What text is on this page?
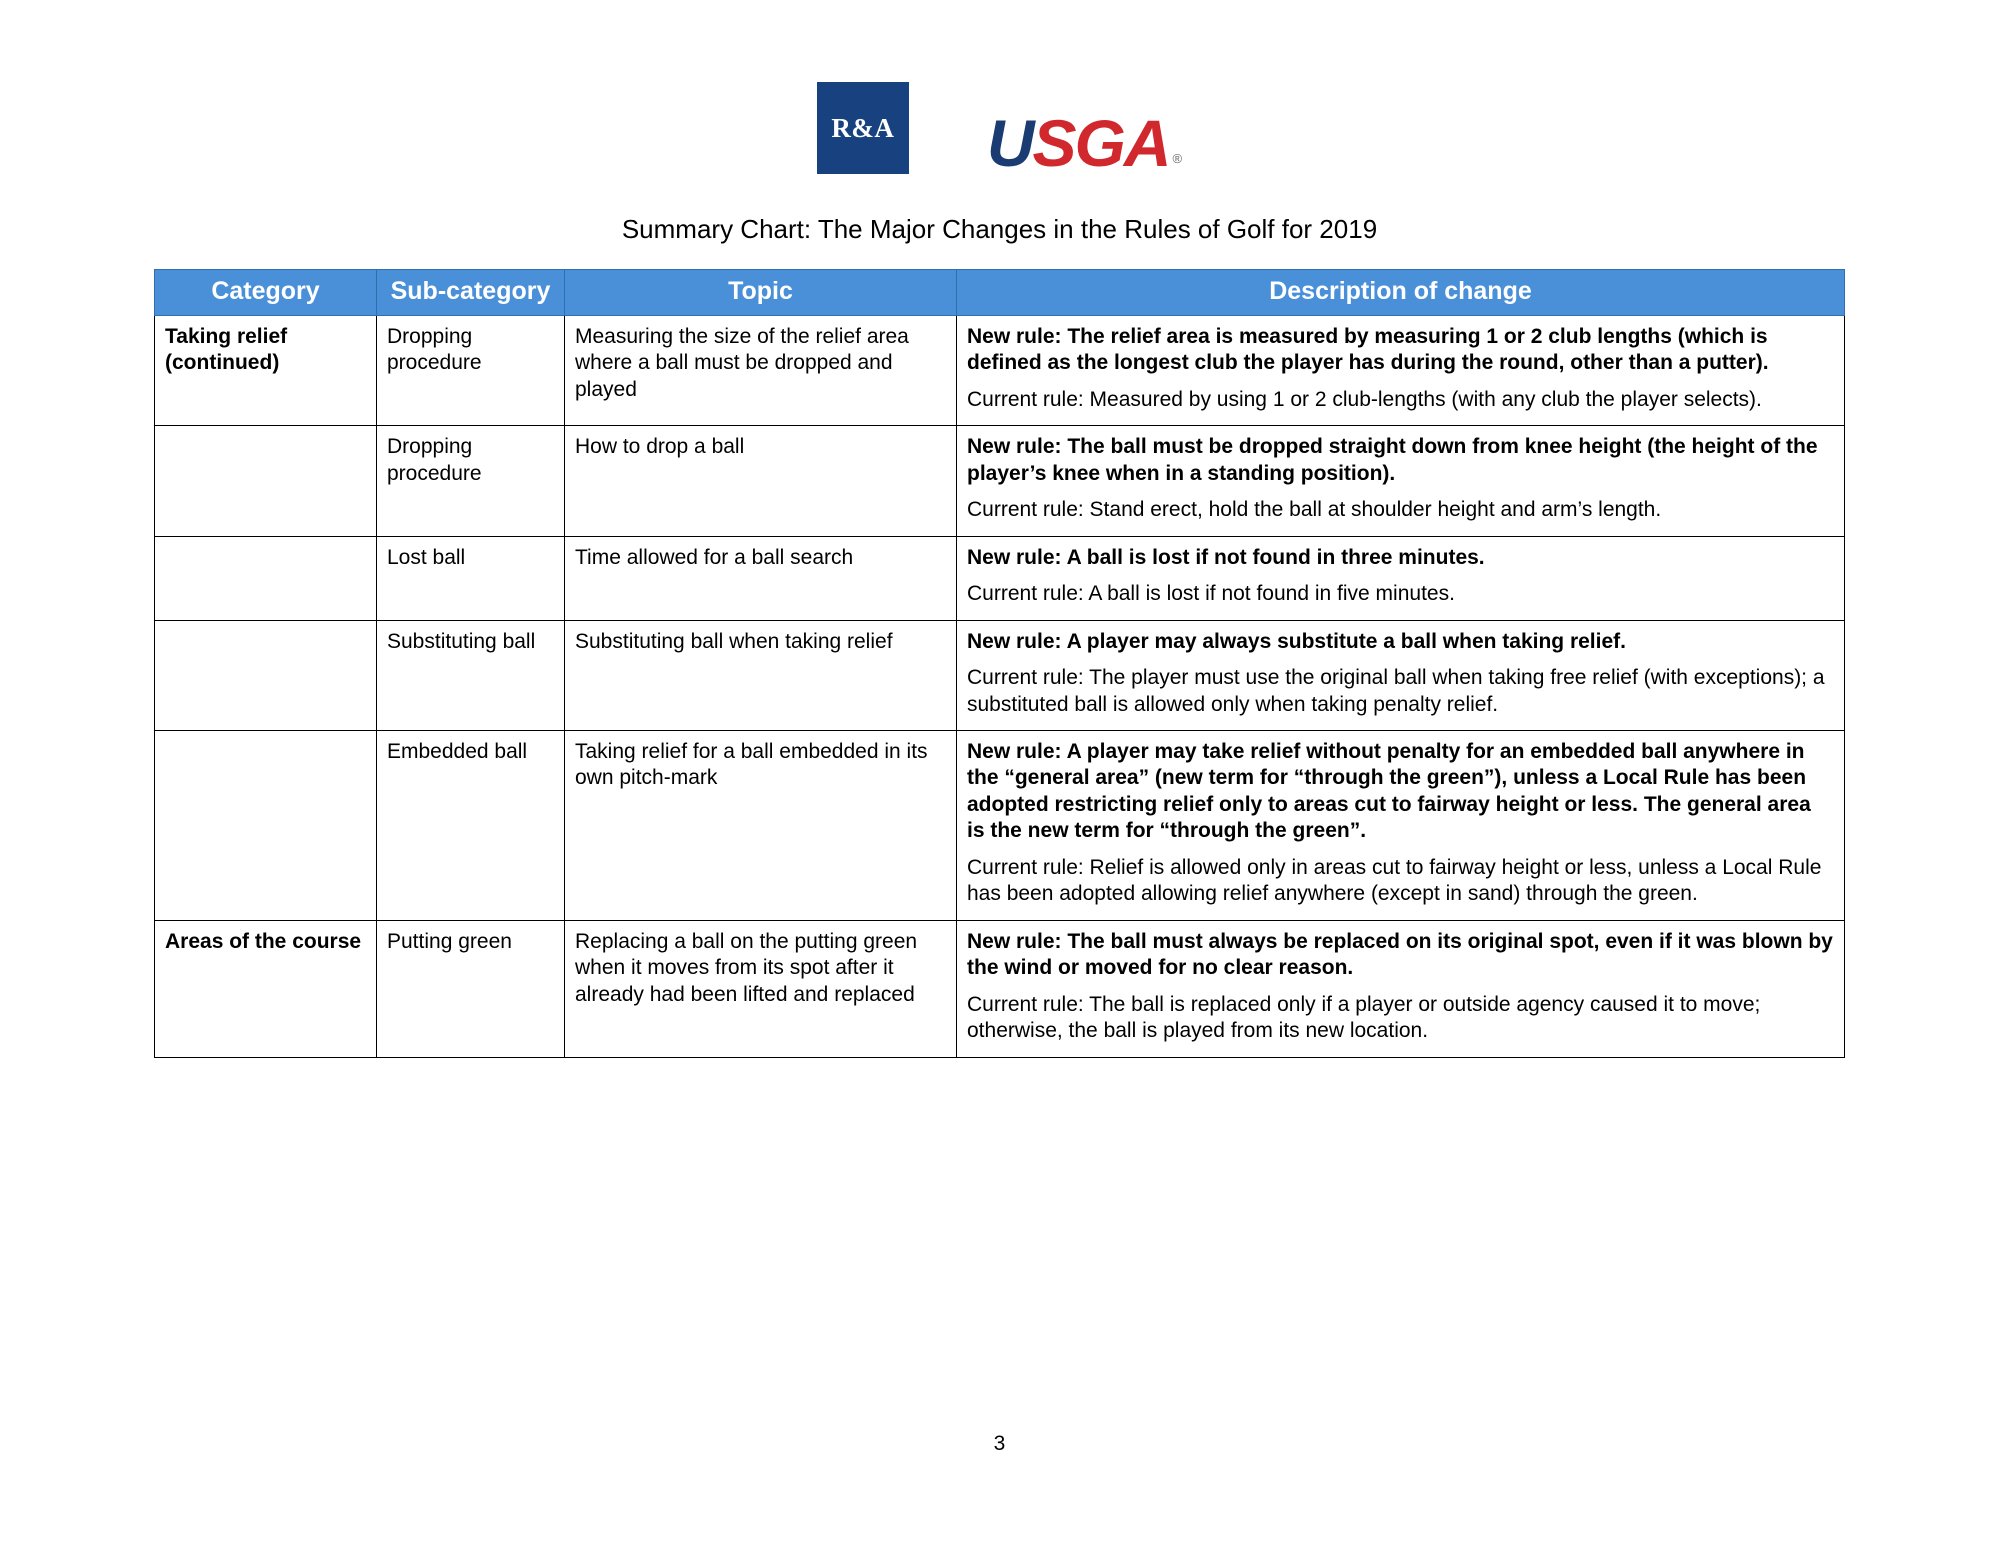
R&A USGA ®
Summary Chart: The Major Changes in the Rules of Golf for 2019
Category	Sub-category	Topic	Description of change
Taking relief (continued)	Dropping procedure	Measuring the size of the relief area where a ball must be dropped and played	New rule: The relief area is measured by measuring 1 or 2 club lengths (which is defined as the longest club the player has during the round, other than a putter).

Current rule: Measured by using 1 or 2 club-lengths (with any club the player selects).

	Dropping procedure	How to drop a ball	New rule: The ball must be dropped straight down from knee height (the height of the player’s knee when in a standing position).

Current rule: Stand erect, hold the ball at shoulder height and arm’s length.

	Lost ball	Time allowed for a ball search	New rule: A ball is lost if not found in three minutes.

Current rule: A ball is lost if not found in five minutes.

	Substituting ball	Substituting ball when taking relief	New rule: A player may always substitute a ball when taking relief.

Current rule: The player must use the original ball when taking free relief (with exceptions); a substituted ball is allowed only when taking penalty relief.

	Embedded ball	Taking relief for a ball embedded in its own pitch-mark	New rule: A player may take relief without penalty for an embedded ball anywhere in the “general area” (new term for “through the green”), unless a Local Rule has been adopted restricting relief only to areas cut to fairway height or less. The general area is the new term for “through the green”.

Current rule: Relief is allowed only in areas cut to fairway height or less, unless a Local Rule has been adopted allowing relief anywhere (except in sand) through the green.

Areas of the course	Putting green	Replacing a ball on the putting green when it moves from its spot after it already had been lifted and replaced	New rule: The ball must always be replaced on its original spot, even if it was blown by the wind or moved for no clear reason.

Current rule: The ball is replaced only if a player or outside agency caused it to move; otherwise, the ball is played from its new location.

3
